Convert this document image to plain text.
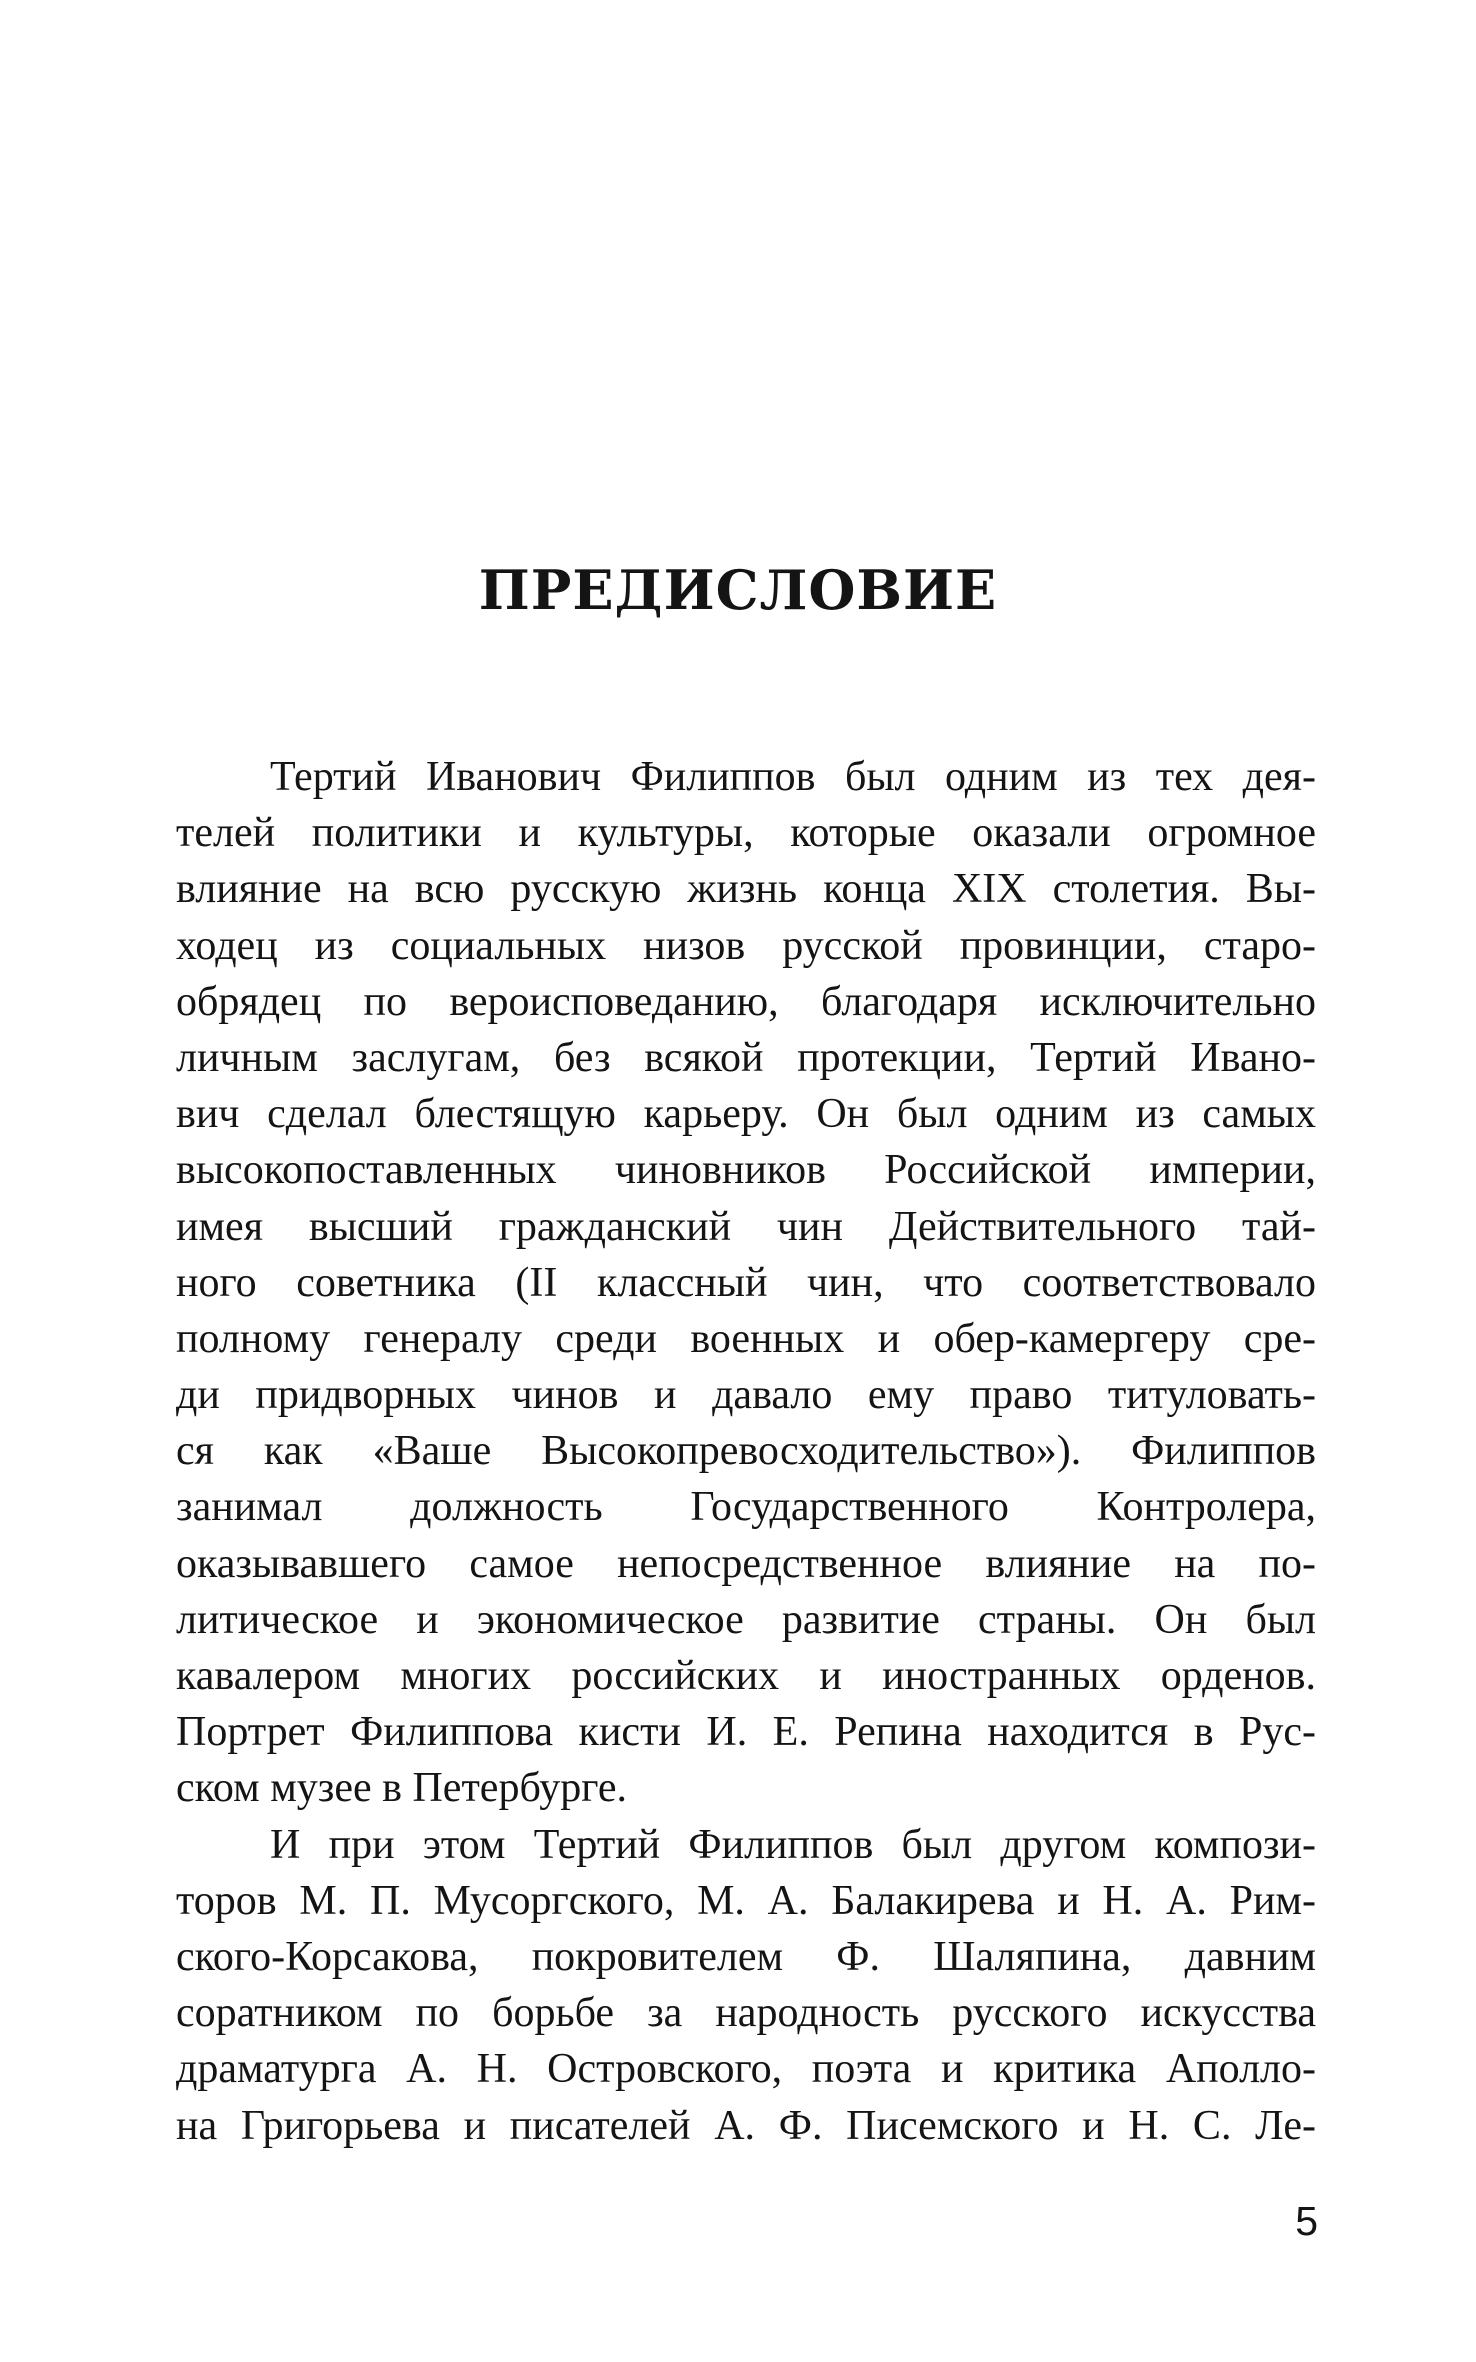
ПРЕДИСЛОВИЕ
Тертий Иванович Филиппов был одним из тех дея-
телей политики и культуры, которые оказали огромное
влияние на всю русскую жизнь конца XIX столетия. Вы-
ходец из социальных низов русской провинции, старо-
обрядец по вероисповеданию, благодаря исключительно
личным заслугам, без всякой протекции, Тертий Ивано-
вич сделал блестящую карьеру. Он был одним из самых
высокопоставленных чиновников Российской империи,
имея высший гражданский чин Действительного тай-
ного советника (II классный чин, что соответствовало
полному генералу среди военных и обер-камергеру сре-
ди придворных чинов и давало ему право титуловать-
ся как «Ваше Высокопревосходительство»). Филиппов
занимал должность Государственного Контролера,
оказывавшего самое непосредственное влияние на по-
литическое и экономическое развитие страны. Он был
кавалером многих российских и иностранных орденов.
Портрет Филиппова кисти И. Е. Репина находится в Рус-
ском музее в Петербурге.
И при этом Тертий Филиппов был другом компози-
торов М. П. Мусоргского, М. А. Балакирева и Н. А. Рим-
ского-Корсакова, покровителем Ф. Шаляпина, давним
соратником по борьбе за народность русского искусства
драматурга А. Н. Островского, поэта и критика Аполло-
на Григорьева и писателей А. Ф. Писемского и Н. С. Ле-
5
